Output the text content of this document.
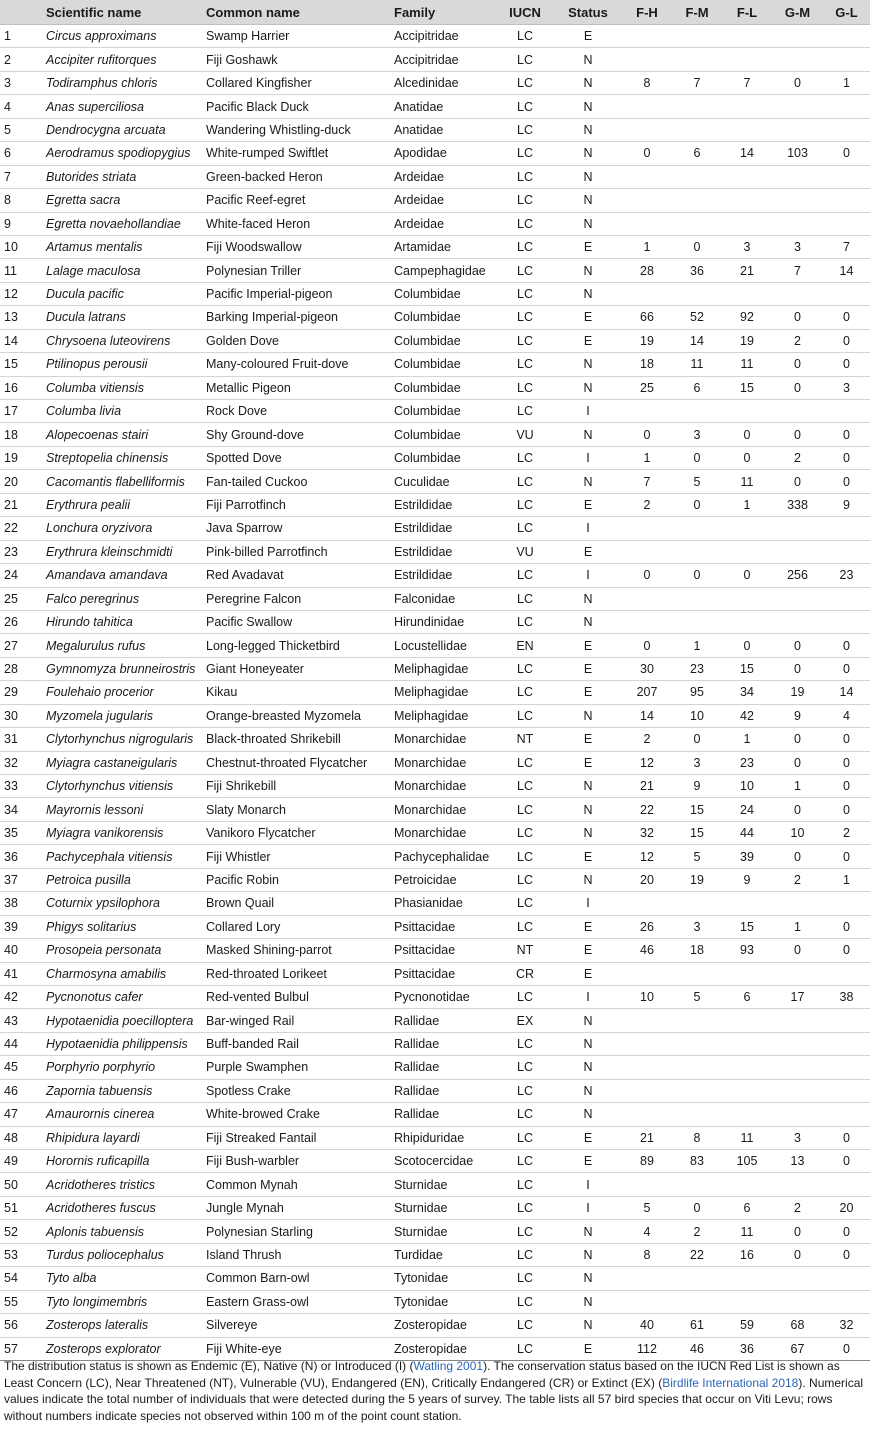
	Scientific name	Common name	Family	IUCN	Status	F-H	F-M	F-L	G-M	G-L
1	Circus approximans	Swamp Harrier	Accipitridae	LC	E					
2	Accipiter rufitorques	Fiji Goshawk	Accipitridae	LC	N					
3	Todiramphus chloris	Collared Kingfisher	Alcedinidae	LC	N	8	7	7	0	1
4	Anas superciliosa	Pacific Black Duck	Anatidae	LC	N					
5	Dendrocygna arcuata	Wandering Whistling-duck	Anatidae	LC	N					
6	Aerodramus spodiopygius	White-rumped Swiftlet	Apodidae	LC	N	0	6	14	103	0
7	Butorides striata	Green-backed Heron	Ardeidae	LC	N					
8	Egretta sacra	Pacific Reef-egret	Ardeidae	LC	N					
9	Egretta novaehollandiae	White-faced Heron	Ardeidae	LC	N					
10	Artamus mentalis	Fiji Woodswallow	Artamidae	LC	E	1	0	3	3	7
11	Lalage maculosa	Polynesian Triller	Campephagidae	LC	N	28	36	21	7	14
12	Ducula pacific	Pacific Imperial-pigeon	Columbidae	LC	N					
13	Ducula latrans	Barking Imperial-pigeon	Columbidae	LC	E	66	52	92	0	0
14	Chrysoena luteovirens	Golden Dove	Columbidae	LC	E	19	14	19	2	0
15	Ptilinopus perousii	Many-coloured Fruit-dove	Columbidae	LC	N	18	11	11	0	0
16	Columba vitiensis	Metallic Pigeon	Columbidae	LC	N	25	6	15	0	3
17	Columba livia	Rock Dove	Columbidae	LC	I					
18	Alopecoenas stairi	Shy Ground-dove	Columbidae	VU	N	0	3	0	0	0
19	Streptopelia chinensis	Spotted Dove	Columbidae	LC	I	1	0	0	2	0
20	Cacomantis flabelliformis	Fan-tailed Cuckoo	Cuculidae	LC	N	7	5	11	0	0
21	Erythrura pealii	Fiji Parrotfinch	Estrildidae	LC	E	2	0	1	338	9
22	Lonchura oryzivora	Java Sparrow	Estrildidae	LC	I					
23	Erythrura kleinschmidti	Pink-billed Parrotfinch	Estrildidae	VU	E					
24	Amandava amandava	Red Avadavat	Estrildidae	LC	I	0	0	0	256	23
25	Falco peregrinus	Peregrine Falcon	Falconidae	LC	N					
26	Hirundo tahitica	Pacific Swallow	Hirundinidae	LC	N					
27	Megalurulus rufus	Long-legged Thicketbird	Locustellidae	EN	E	0	1	0	0	0
28	Gymnomyza brunneirostris	Giant Honeyeater	Meliphagidae	LC	E	30	23	15	0	0
29	Foulehaio procerior	Kikau	Meliphagidae	LC	E	207	95	34	19	14
30	Myzomela jugularis	Orange-breasted Myzomela	Meliphagidae	LC	N	14	10	42	9	4
31	Clytorhynchus nigrogularis	Black-throated Shrikebill	Monarchidae	NT	E	2	0	1	0	0
32	Myiagra castaneigularis	Chestnut-throated Flycatcher	Monarchidae	LC	E	12	3	23	0	0
33	Clytorhynchus vitiensis	Fiji Shrikebill	Monarchidae	LC	N	21	9	10	1	0
34	Mayrornis lessoni	Slaty Monarch	Monarchidae	LC	N	22	15	24	0	0
35	Myiagra vanikorensis	Vanikoro Flycatcher	Monarchidae	LC	N	32	15	44	10	2
36	Pachycephala vitiensis	Fiji Whistler	Pachycephalidae	LC	E	12	5	39	0	0
37	Petroica pusilla	Pacific Robin	Petroicidae	LC	N	20	19	9	2	1
38	Coturnix ypsilophora	Brown Quail	Phasianidae	LC	I					
39	Phigys solitarius	Collared Lory	Psittacidae	LC	E	26	3	15	1	0
40	Prosopeia personata	Masked Shining-parrot	Psittacidae	NT	E	46	18	93	0	0
41	Charmosyna amabilis	Red-throated Lorikeet	Psittacidae	CR	E					
42	Pycnonotus cafer	Red-vented Bulbul	Pycnonotidae	LC	I	10	5	6	17	38
43	Hypotaenidia poecilloptera	Bar-winged Rail	Rallidae	EX	N					
44	Hypotaenidia philippensis	Buff-banded Rail	Rallidae	LC	N					
45	Porphyrio porphyrio	Purple Swamphen	Rallidae	LC	N					
46	Zapornia tabuensis	Spotless Crake	Rallidae	LC	N					
47	Amaurornis cinerea	White-browed Crake	Rallidae	LC	N					
48	Rhipidura layardi	Fiji Streaked Fantail	Rhipiduridae	LC	E	21	8	11	3	0
49	Horornis ruficapilla	Fiji Bush-warbler	Scotocercidae	LC	E	89	83	105	13	0
50	Acridotheres tristics	Common Mynah	Sturnidae	LC	I					
51	Acridotheres fuscus	Jungle Mynah	Sturnidae	LC	I	5	0	6	2	20
52	Aplonis tabuensis	Polynesian Starling	Sturnidae	LC	N	4	2	11	0	0
53	Turdus poliocephalus	Island Thrush	Turdidae	LC	N	8	22	16	0	0
54	Tyto alba	Common Barn-owl	Tytonidae	LC	N					
55	Tyto longimembris	Eastern Grass-owl	Tytonidae	LC	N					
56	Zosterops lateralis	Silvereye	Zosteropidae	LC	N	40	61	59	68	32
57	Zosterops explorator	Fiji White-eye	Zosteropidae	LC	E	112	46	36	67	0
The distribution status is shown as Endemic (E), Native (N) or Introduced (I) (Watling 2001). The conservation status based on the IUCN Red List is shown as Least Concern (LC), Near Threatened (NT), Vulnerable (VU), Endangered (EN), Critically Endangered (CR) or Extinct (EX) (Birdlife International 2018). Numerical values indicate the total number of individuals that were detected during the 5 years of survey. The table lists all 57 bird species that occur on Viti Levu; rows without numbers indicate species not observed within 100 m of the point count station.
